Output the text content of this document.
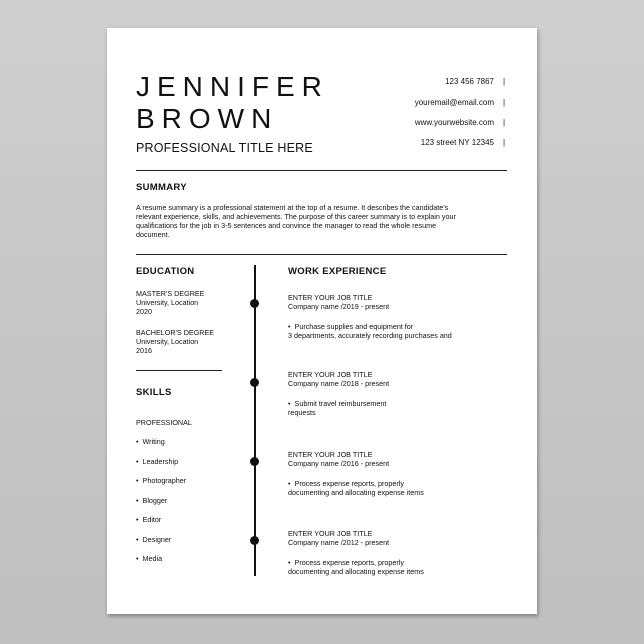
JENNIFER
BROWN
PROFESSIONAL TITLE HERE
123 456 7867 |
youremail@email.com |
www.yourwebsite.com |
123 street NY 12345 |
SUMMARY
A resume summary is a professional statement at the top of a resume. It describes the candidate's
relevant experience, skills, and achievements. The purpose of this career summary is to explain your
qualifications for the job in 3-5 sentences and convince the manager to read the whole resume
document.
EDUCATION
MASTER'S DEGREE
University, Location
2020
BACHELOR'S DEGREE
University, Location
2016
SKILLS
PROFESSIONAL
• Writing
• Leadership
• Photographer
• Blogger
• Editor
• Designer
• Media
WORK EXPERIENCE
ENTER YOUR JOB TITLE
Company name /2019 - present
• Purchase supplies and equipment for
3 departments, accurately recording purchases and
ENTER YOUR JOB TITLE
Company name /2018 - present
• Submit travel reimbursement
requests
ENTER YOUR JOB TITLE
Company name /2016 - present
• Process expense reports, properly
documenting and allocating expense items
ENTER YOUR JOB TITLE
Company name /2012 - present
• Process expense reports, properly
documenting and allocating expense items
